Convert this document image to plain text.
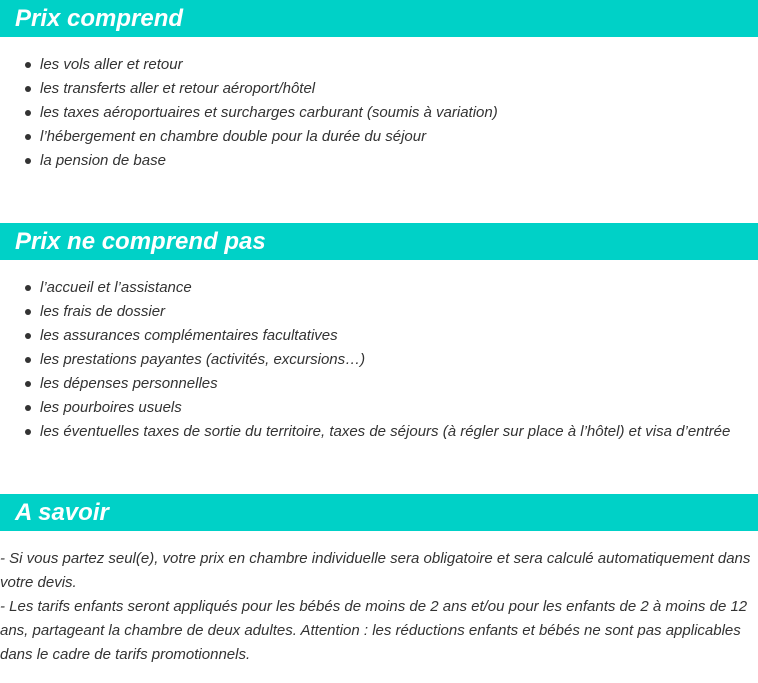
Prix comprend
les vols aller et retour
les transferts aller et retour aéroport/hôtel
les taxes aéroportuaires et surcharges carburant (soumis à variation)
l’hébergement en chambre double pour la durée du séjour
la pension de base
Prix ne comprend pas
l’accueil et l’assistance
les frais de dossier
les assurances complémentaires facultatives
les prestations payantes (activités, excursions…)
les dépenses personnelles
les pourboires usuels
les éventuelles taxes de sortie du territoire, taxes de séjours (à régler sur place à l’hôtel) et visa d’entrée
A savoir

- Si vous partez seul(e), votre prix en chambre individuelle sera obligatoire et sera calculé automatiquement dans votre devis.

- Les tarifs enfants seront appliqués pour les bébés de moins de 2 ans et/ou pour les enfants de 2 à moins de 12 ans, partageant la chambre de deux adultes. Attention : les réductions enfants et bébés ne sont pas applicables dans le cadre de tarifs promotionnels.
